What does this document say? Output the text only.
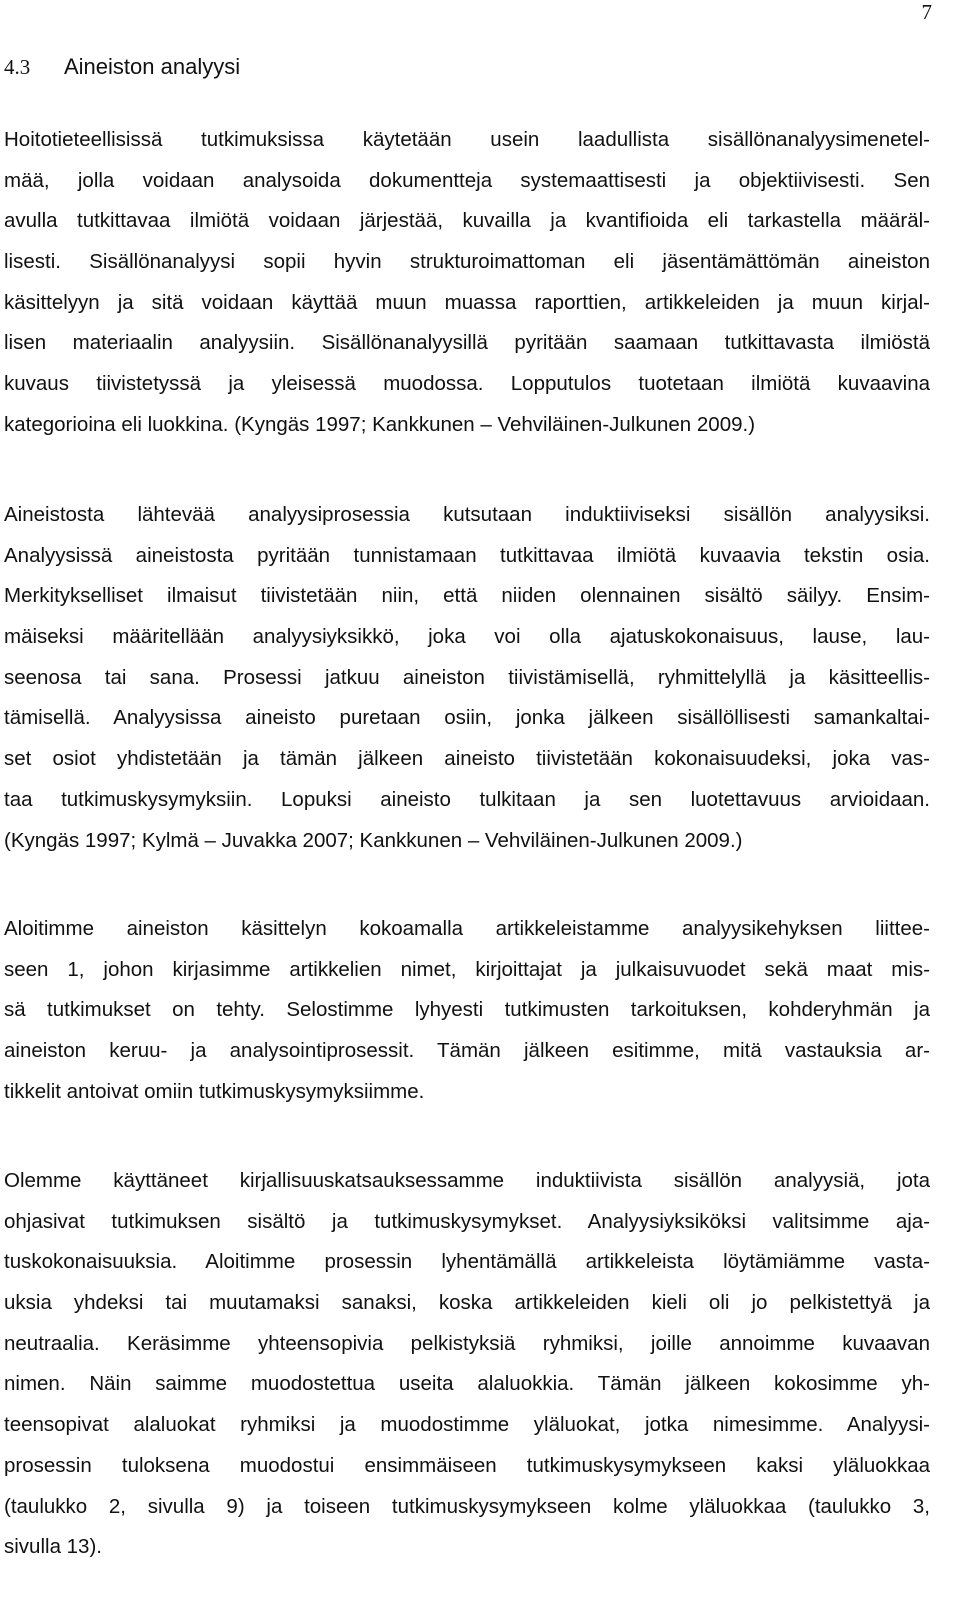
7
4.3 Aineiston analyysi
Hoitotieteellisissä tutkimuksissa käytetään usein laadullista sisällönanalyysimenetel-
mää, jolla voidaan analysoida dokumentteja systemaattisesti ja objektiivisesti. Sen
avulla tutkittavaa ilmiötä voidaan järjestää, kuvailla ja kvantifioida eli tarkastella määräl-
lisesti. Sisällönanalyysi sopii hyvin strukturoimattoman eli jäsentämättömän aineiston
käsittelyyn ja sitä voidaan käyttää muun muassa raporttien, artikkeleiden ja muun kirjal-
lisen materiaalin analyysiin. Sisällönanalyysillä pyritään saamaan tutkittavasta ilmiöstä
kuvaus tiivistetyssä ja yleisessä muodossa. Lopputulos tuotetaan ilmiötä kuvaavina
kategorioina eli luokkina. (Kyngäs 1997; Kankkunen – Vehviläinen-Julkunen 2009.)
Aineistosta lähtevää analyysiprosessia kutsutaan induktiiviseksi sisällön analyysiksi.
Analyysissä aineistosta pyritään tunnistamaan tutkittavaa ilmiötä kuvaavia tekstin osia.
Merkitykselliset ilmaisut tiivistetään niin, että niiden olennainen sisältö säilyy. Ensim-
mäiseksi määritellään analyysiyksikkö, joka voi olla ajatuskokonaisuus, lause, lau-
seenosa tai sana. Prosessi jatkuu aineiston tiivistämisellä, ryhmittelyllä ja käsitteellis-
tämisellä. Analyysissa aineisto puretaan osiin, jonka jälkeen sisällöllisesti samankaltai-
set osiot yhdistetään ja tämän jälkeen aineisto tiivistetään kokonaisuudeksi, joka vas-
taa tutkimuskysymyksiin. Lopuksi aineisto tulkitaan ja sen luotettavuus arvioidaan.
(Kyngäs 1997; Kylmä – Juvakka 2007; Kankkunen – Vehviläinen-Julkunen 2009.)
Aloitimme aineiston käsittelyn kokoamalla artikkeleistamme analyysikehyksen liittee-
seen 1, johon kirjasimme artikkelien nimet, kirjoittajat ja julkaisuvuodet sekä maat mis-
sä tutkimukset on tehty. Selostimme lyhyesti tutkimusten tarkoituksen, kohderyhmän ja
aineiston keruu- ja analysointiprosessit. Tämän jälkeen esitimme, mitä vastauksia ar-
tikkelit antoivat omiin tutkimuskysymyksiimme.
Olemme käyttäneet kirjallisuuskatsauksessamme induktiivista sisällön analyysiä, jota
ohjasivat tutkimuksen sisältö ja tutkimuskysymykset. Analyysiyksiköksi valitsimme aja-
tuskokonaisuuksia. Aloitimme prosessin lyhentämällä artikkeleista löytämiämme vasta-
uksia yhdeksi tai muutamaksi sanaksi, koska artikkeleiden kieli oli jo pelkistettyä ja
neutraalia. Keräsimme yhteensopivia pelkistyksiä ryhmiksi, joille annoimme kuvaavan
nimen. Näin saimme muodostettua useita alaluokkia. Tämän jälkeen kokosimme yh-
teensopivat alaluokat ryhmiksi ja muodostimme yläluokat, jotka nimesimme. Analyysi-
prosessin tuloksena muodostui ensimmäiseen tutkimuskysymykseen kaksi yläluokkaa
(taulukko 2, sivulla 9) ja toiseen tutkimuskysymykseen kolme yläluokkaa (taulukko 3,
sivulla 13).
